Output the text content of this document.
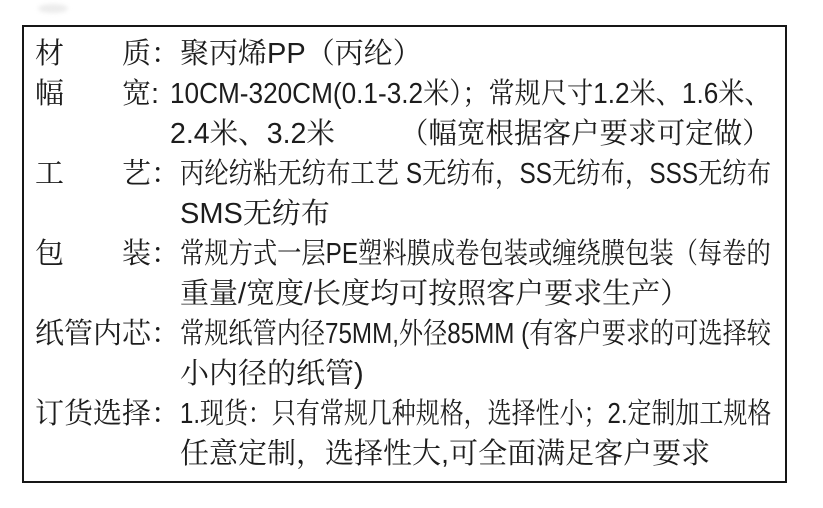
材质 ： 聚丙烯PP（丙纶）
幅宽 : 10CM-320CM(0.1-3.2米）；常规尺寸1.2米、1.6米、
2.4米、3.2米　　 （幅宽根据客户要求可定做）
工艺 ： 丙纶纺粘无纺布工艺 S无纺布，SS无纺布，SSS无纺布
SMS无纺布
包装 ： 常规方式一层PE塑料膜成卷包装或缠绕膜包装（每卷的
重量/宽度/长度均可按照客户要求生产）
纸管内芯 ： 常规纸管内径75MM,外径85MM (有客户要求的可选择较
小内径的纸管)
订货选择 ： 1.现货：只有常规几种规格，选择性小；2.定制加工规格
任意定制，选择性大,可全面满足客户要求
